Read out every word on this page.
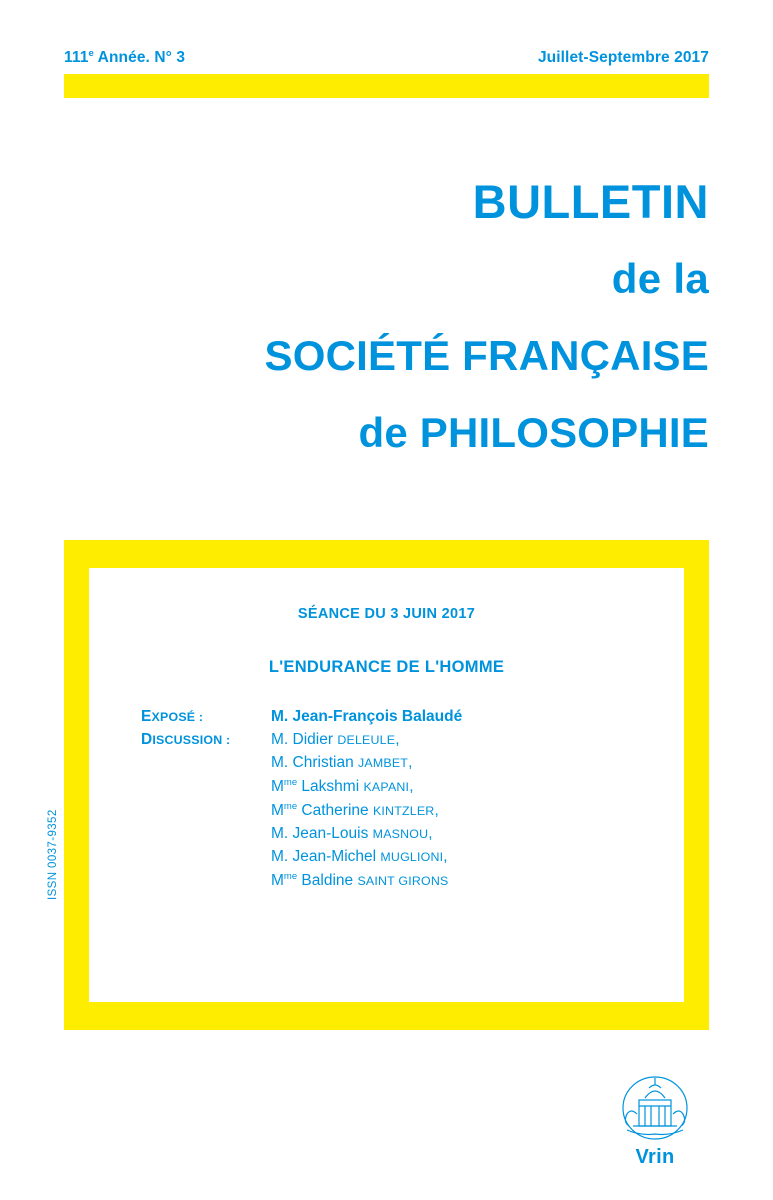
111e Année. N° 3	Juillet-Septembre 2017
BULLETIN
de la
SOCIÉTÉ FRANÇAISE
de PHILOSOPHIE
SÉANCE DU 3 JUIN 2017
L'ENDURANCE DE L'HOMME
EXPOSÉ :	M. Jean-François Balaudé
DISCUSSION :	M. Didier DELEULE,
M. Christian JAMBET,
$M^{me}$ Lakshmi KAPANI,
$M^{me}$ Catherine KINTZLER,
M. Jean-Louis MASNOU,
M. Jean-Michel MUGLIONI,
$M^{me}$ Baldine SAINT GIRONS
ISSN 0037-9352
Vrin
